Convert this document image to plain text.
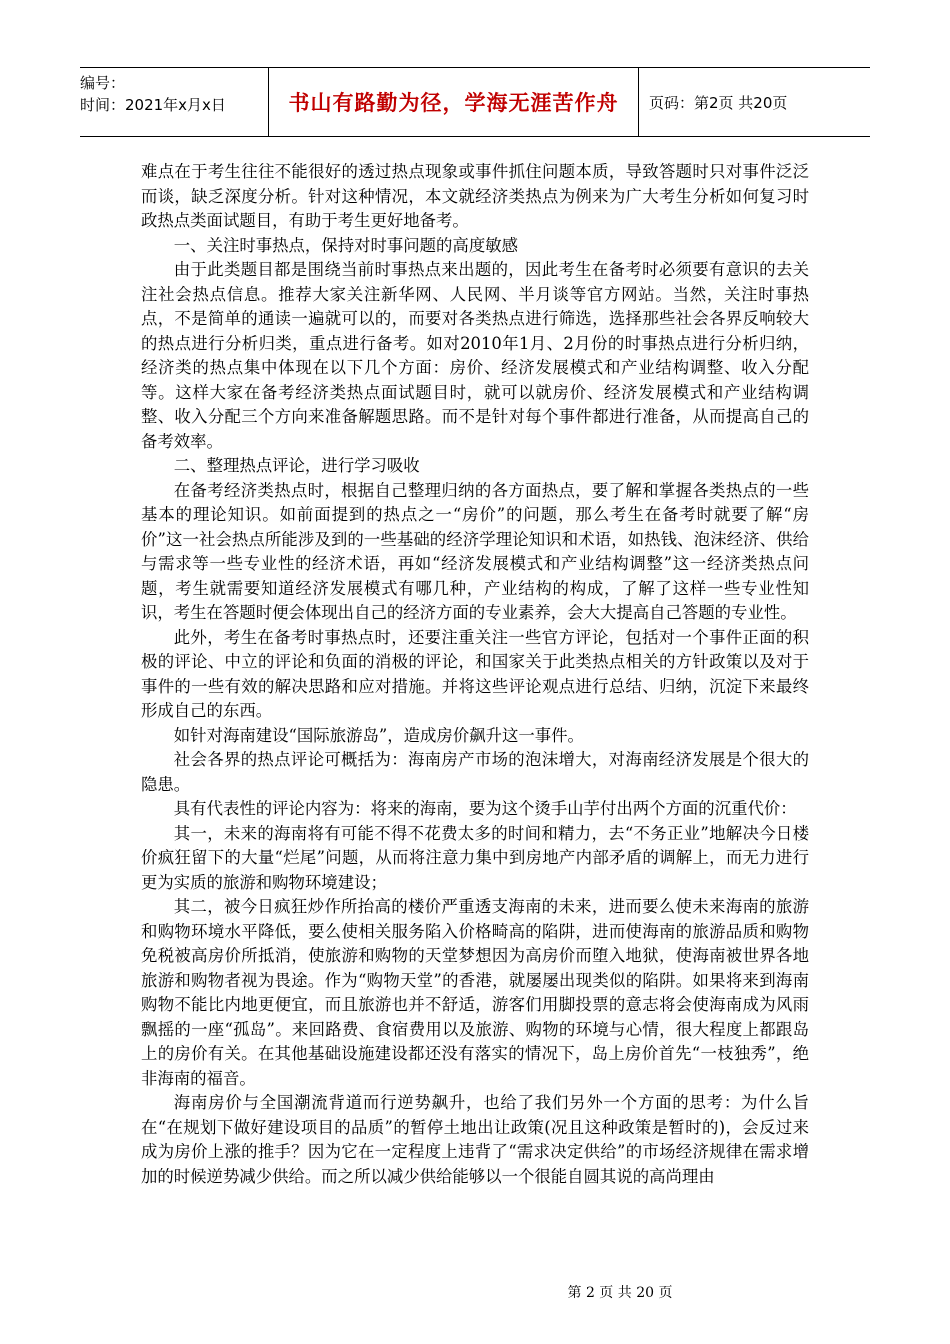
编号：
时间：2021年x月x日	书山有路勤为径，学海无涯苦作舟	页码：第2页 共20页

难点在于考生往往不能很好的透过热点现象或事件抓住问题本质，导致答题时只对事件泛泛而谈，缺乏深度分析。针对这种情况，本文就经济类热点为例来为广大考生分析如何复习时政热点类面试题目，有助于考生更好地备考。

一、关注时事热点，保持对时事问题的高度敏感

由于此类题目都是围绕当前时事热点来出题的，因此考生在备考时必须要有意识的去关注社会热点信息。推荐大家关注新华网、人民网、半月谈等官方网站。当然，关注时事热点，不是简单的通读一遍就可以的，而要对各类热点进行筛选，选择那些社会各界反响较大的热点进行分析归类，重点进行备考。如对2010年1月、2月份的时事热点进行分析归纳，经济类的热点集中体现在以下几个方面：房价、经济发展模式和产业结构调整、收入分配等。这样大家在备考经济类热点面试题目时，就可以就房价、经济发展模式和产业结构调整、收入分配三个方向来准备解题思路。而不是针对每个事件都进行准备，从而提高自己的备考效率。

二、整理热点评论，进行学习吸收

在备考经济类热点时，根据自己整理归纳的各方面热点，要了解和掌握各类热点的一些基本的理论知识。如前面提到的热点之一“房价”的问题，那么考生在备考时就要了解“房价”这一社会热点所能涉及到的一些基础的经济学理论知识和术语，如热钱、泡沫经济、供给与需求等一些专业性的经济术语，再如“经济发展模式和产业结构调整”这一经济类热点问题，考生就需要知道经济发展模式有哪几种，产业结构的构成，了解了这样一些专业性知识，考生在答题时便会体现出自己的经济方面的专业素养，会大大提高自己答题的专业性。

此外，考生在备考时事热点时，还要注重关注一些官方评论，包括对一个事件正面的积极的评论、中立的评论和负面的消极的评论，和国家关于此类热点相关的方针政策以及对于事件的一些有效的解决思路和应对措施。并将这些评论观点进行总结、归纳，沉淀下来最终形成自己的东西。

如针对海南建设“国际旅游岛”，造成房价飙升这一事件。

社会各界的热点评论可概括为：海南房产市场的泡沫增大，对海南经济发展是个很大的隐患。

具有代表性的评论内容为：将来的海南，要为这个烫手山芋付出两个方面的沉重代价：

其一，未来的海南将有可能不得不花费太多的时间和精力，去“不务正业”地解决今日楼价疯狂留下的大量“烂尾”问题，从而将注意力集中到房地产内部矛盾的调解上，而无力进行更为实质的旅游和购物环境建设；

其二，被今日疯狂炒作所抬高的楼价严重透支海南的未来，进而要么使未来海南的旅游和购物环境水平降低，要么使相关服务陷入价格畸高的陷阱，进而使海南的旅游品质和购物免税被高房价所抵消，使旅游和购物的天堂梦想因为高房价而堕入地狱，使海南被世界各地旅游和购物者视为畏途。作为“购物天堂”的香港，就屡屡出现类似的陷阱。如果将来到海南购物不能比内地更便宜，而且旅游也并不舒适，游客们用脚投票的意志将会使海南成为风雨飘摇的一座“孤岛”。来回路费、食宿费用以及旅游、购物的环境与心情，很大程度上都跟岛上的房价有关。在其他基础设施建设都还没有落实的情况下，岛上房价首先“一枝独秀”，绝非海南的福音。

海南房价与全国潮流背道而行逆势飙升，也给了我们另外一个方面的思考：为什么旨在“在规划下做好建设项目的品质”的暂停土地出让政策(况且这种政策是暂时的)，会反过来成为房价上涨的推手？因为它在一定程度上违背了“需求决定供给”的市场经济规律在需求增加的时候逆势减少供给。而之所以减少供给能够以一个很能自圆其说的高尚理由

第 2 页 共 20 页
